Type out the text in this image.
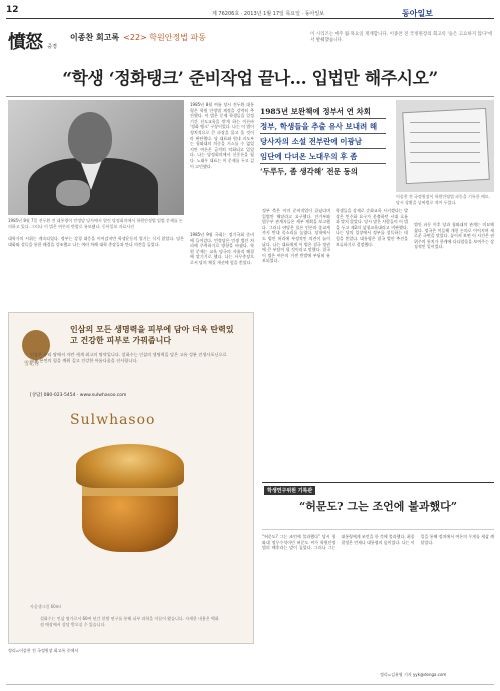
12	제 76206호 · 2013년 1월 17일 목요일 · 동아일보	동아일보
憤怒 중경
이종찬 회고록 <22> 학원안정법 파동	이 시리즈는 매주 월·목요일 게재합니다. 이종찬 전 국정원장의 회고록 '숲은 고요하지 않다'에서 발췌했습니다.
“학생 ‘정화탱크’ 준비작업 끝나… 입법만 해주시오”
1985년 8월 7일 전두환 전 대통령이 민정당 당사에서 열린 당정회의에서 학원안정법 입법 문제를 논의하고 있다. 그러나 이 법은 여론의 반발로 유보됐다. 동아일보 자료사진
1985년 8월 여름 당시 전두환 대통령은 학원 안정법 제정을 강력히 추진했다. 이 법은 문제 학생들을 일정 기간 선도교육을 받게 하는 이른바 '정화 탱크' 구상이었다. 나는 이 법이 정치적으로 큰 파장을 몰고 올 것이라 판단했다. 당 대표와 원내 지도부는 청와대의 의중을 거스를 수 없었지만 여론은 급격히 악화되고 있었다. 나는 당정회의에서 신중론을 폈다. 노태우 대표는 이 문제를 두고 깊이 고민했다.
1985년 보완책에 정부서 연 차회
정부, 학생들을 추출 유사 보내려 해
당사자의 소설 전부란에 이광남
임단에 다녀온 노대우의 후 좀
‘두루두, 좀 생각해’ 전문 동의
이종찬 전 국정원장이 학원안정법 파동을 기록한 메모. 당시 상황을 날짜별로 적어 두었다.
정부 측은 이미 준비작업이 끝났다며 입법만 해달라고 요구했다. 안기부와 법무부 관계자들은 세부 계획을 보고했다. 그러나 야당은 물론 언론과 종교계까지 반대 목소리를 높였다. 당내에서도 법안 처리에 부정적인 의견이 늘어났다. 나는 대표에게 이 법은 결국 정권에 큰 부담이 될 것이라고 말했다. 결국 이 법은 여론의 거센 반발에 부딪혀 유보되었다.
학생들을 강제로 순화교육 시키겠다는 발상은 민주화 요구가 분출하던 시대 흐름과 맞지 않았다. 당시 많은 사람들이 이 법을 두고 제2의 삼청교육대라고 비판했다. 나는 당의 입장에서 정부를 설득하는 데 힘을 쏟았다. 대통령은 결국 법안 추진을 보류하기로 결정했다.
법안 파동 이후 당과 청와대의 관계는 미묘해졌다. 정국은 이듬해 개헌 논의로 이어지며 새로운 국면을 맞았다. 돌이켜 보면 이 사건은 권위주의 통치가 한계에 다다랐음을 보여주는 상징적인 일이었다.
1985년 9월 국회는 정기국회 준비에 들어갔다. 민정당은 민생 법안 처리에 주력하기로 방향을 바꿨다. 학원 문제는 교육 당국의 자율적 해결에 맡기기로 했다. 나는 사무총장으로서 당의 체질 개선에 힘을 쏟았다.
대학가의 시위는 계속되었다. 정부는 강경 대응을 이어갔지만 학생운동의 열기는 식지 않았다. 당은 대화와 설득을 통한 해결을 강조했고 나는 여러 차례 대학 총장들과 만나 의견을 들었다.
학생연구위원 기록관
“허문도? 그는 조언에 불과했다”
“허문도? 그는 조언에 불과했다” 당시 청와대 정무수석이던 허문도 씨가 학원안정법의 배후라는 말이 돌았다. 그러나 그는 대통령에게 조언을 한 것에 불과했다. 최종 결정은 언제나 대통령의 몫이었다. 나는 이 일을 통해 정치에서 여론의 무게를 새삼 깨달았다.
정리=김유영 기자 yyk@donga.com
雪花秀
인삼의 모든 생명력을 피부에 담아 더욱 탄력있고 건강한 피부로 가꿔줍니다
인삼은 우리 땅에서 자란 세계 최고의 명약입니다. 설화수는 인삼의 생명력을 담은 고유 성분 진생사포닌으로 피부 본연의 힘을 깨워 깊고 건강한 아름다움을 선사합니다.
[상담] 080-023-5454 · www.sulwhasoo.com
Sulwhasoo
자음생크림 60ml
설화수는 인삼 명가로서 60여 년간 한방 연구를 통해 피부 과학을 이끌어 왔습니다. 자세한 내용은 백화점 매장에서 상담 받으실 수 있습니다.
정리=이종찬 전 국정원장 회고록 중에서
